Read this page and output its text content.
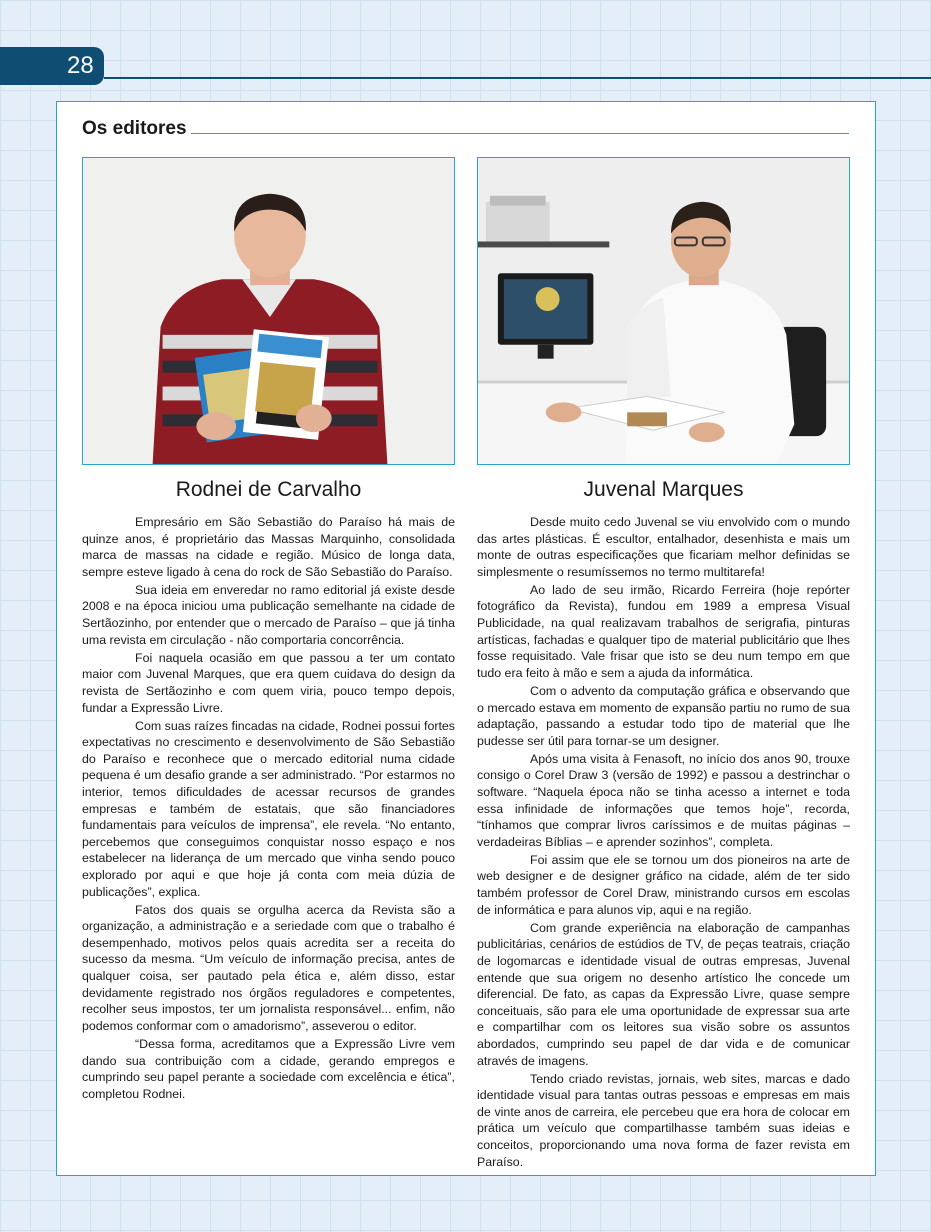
28
Os editores
Rodnei de Carvalho	Juvenal Marques

Empresário em São Sebastião do Paraíso há mais de quinze anos, é proprietário das Massas Marquinho, consolidada marca de massas na cidade e região. Músico de longa data, sempre esteve ligado à cena do rock de São Sebastião do Paraíso.

Sua ideia em enveredar no ramo editorial já existe desde 2008 e na época iniciou uma publicação semelhante na cidade de Sertãozinho, por entender que o mercado de Paraíso – que já tinha uma revista em circulação - não comportaria concorrência.

Foi naquela ocasião em que passou a ter um contato maior com Juvenal Marques, que era quem cuidava do design da revista de Sertãozinho e com quem viria, pouco tempo depois, fundar a Expressão Livre.

Com suas raízes fincadas na cidade, Rodnei possui fortes expectativas no crescimento e desenvolvimento de São Sebastião do Paraíso e reconhece que o mercado editorial numa cidade pequena é um desafio grande a ser administrado. “Por estarmos no interior, temos dificuldades de acessar recursos de grandes empresas e também de estatais, que são financiadores fundamentais para veículos de imprensa”, ele revela. “No entanto, percebemos que conseguimos conquistar nosso espaço e nos estabelecer na liderança de um mercado que vinha sendo pouco explorado por aqui e que hoje já conta com meia dúzia de publicações”, explica.

Fatos dos quais se orgulha acerca da Revista são a organização, a administração e a seriedade com que o trabalho é desempenhado, motivos pelos quais acredita ser a receita do sucesso da mesma. “Um veículo de informação precisa, antes de qualquer coisa, ser pautado pela ética e, além disso, estar devidamente registrado nos órgãos reguladores e competentes, recolher seus impostos, ter um jornalista responsável... enfim, não podemos conformar com o amadorismo”, asseverou o editor.

“Dessa forma, acreditamos que a Expressão Livre vem dando sua contribuição com a cidade, gerando empregos e cumprindo seu papel perante a sociedade com excelência e ética”, completou Rodnei.

Desde muito cedo Juvenal se viu envolvido com o mundo das artes plásticas. É escultor, entalhador, desenhista e mais um monte de outras especificações que ficariam melhor definidas se simplesmente o resumíssemos no termo multitarefa!

Ao lado de seu irmão, Ricardo Ferreira (hoje repórter fotográfico da Revista), fundou em 1989 a empresa Visual Publicidade, na qual realizavam trabalhos de serigrafia, pinturas artísticas, fachadas e qualquer tipo de material publicitário que lhes fosse requisitado. Vale frisar que isto se deu num tempo em que tudo era feito à mão e sem a ajuda da informática.

Com o advento da computação gráfica e observando que o mercado estava em momento de expansão partiu no rumo de sua adaptação, passando a estudar todo tipo de material que lhe pudesse ser útil para tornar-se um designer.

Após uma visita à Fenasoft, no início dos anos 90, trouxe consigo o Corel Draw 3 (versão de 1992) e passou a destrinchar o software. “Naquela época não se tinha acesso a internet e toda essa infinidade de informações que temos hoje”, recorda, “tínhamos que comprar livros caríssimos e de muitas páginas – verdadeiras Bíblias – e aprender sozinhos”, completa.

Foi assim que ele se tornou um dos pioneiros na arte de web designer e de designer gráfico na cidade, além de ter sido também professor de Corel Draw, ministrando cursos em escolas de informática e para alunos vip, aqui e na região.

Com grande experiência na elaboração de campanhas publicitárias, cenários de estúdios de TV, de peças teatrais, criação de logomarcas e identidade visual de outras empresas, Juvenal entende que sua origem no desenho artístico lhe concede um diferencial. De fato, as capas da Expressão Livre, quase sempre conceituais, são para ele uma oportunidade de expressar sua arte e compartilhar com os leitores sua visão sobre os assuntos abordados, cumprindo seu papel de dar vida e de comunicar através de imagens.

Tendo criado revistas, jornais, web sites, marcas e dado identidade visual para tantas outras pessoas e empresas em mais de vinte anos de carreira, ele percebeu que era hora de colocar em prática um veículo que compartilhasse também suas ideias e conceitos, proporcionando uma nova forma de fazer revista em Paraíso.
